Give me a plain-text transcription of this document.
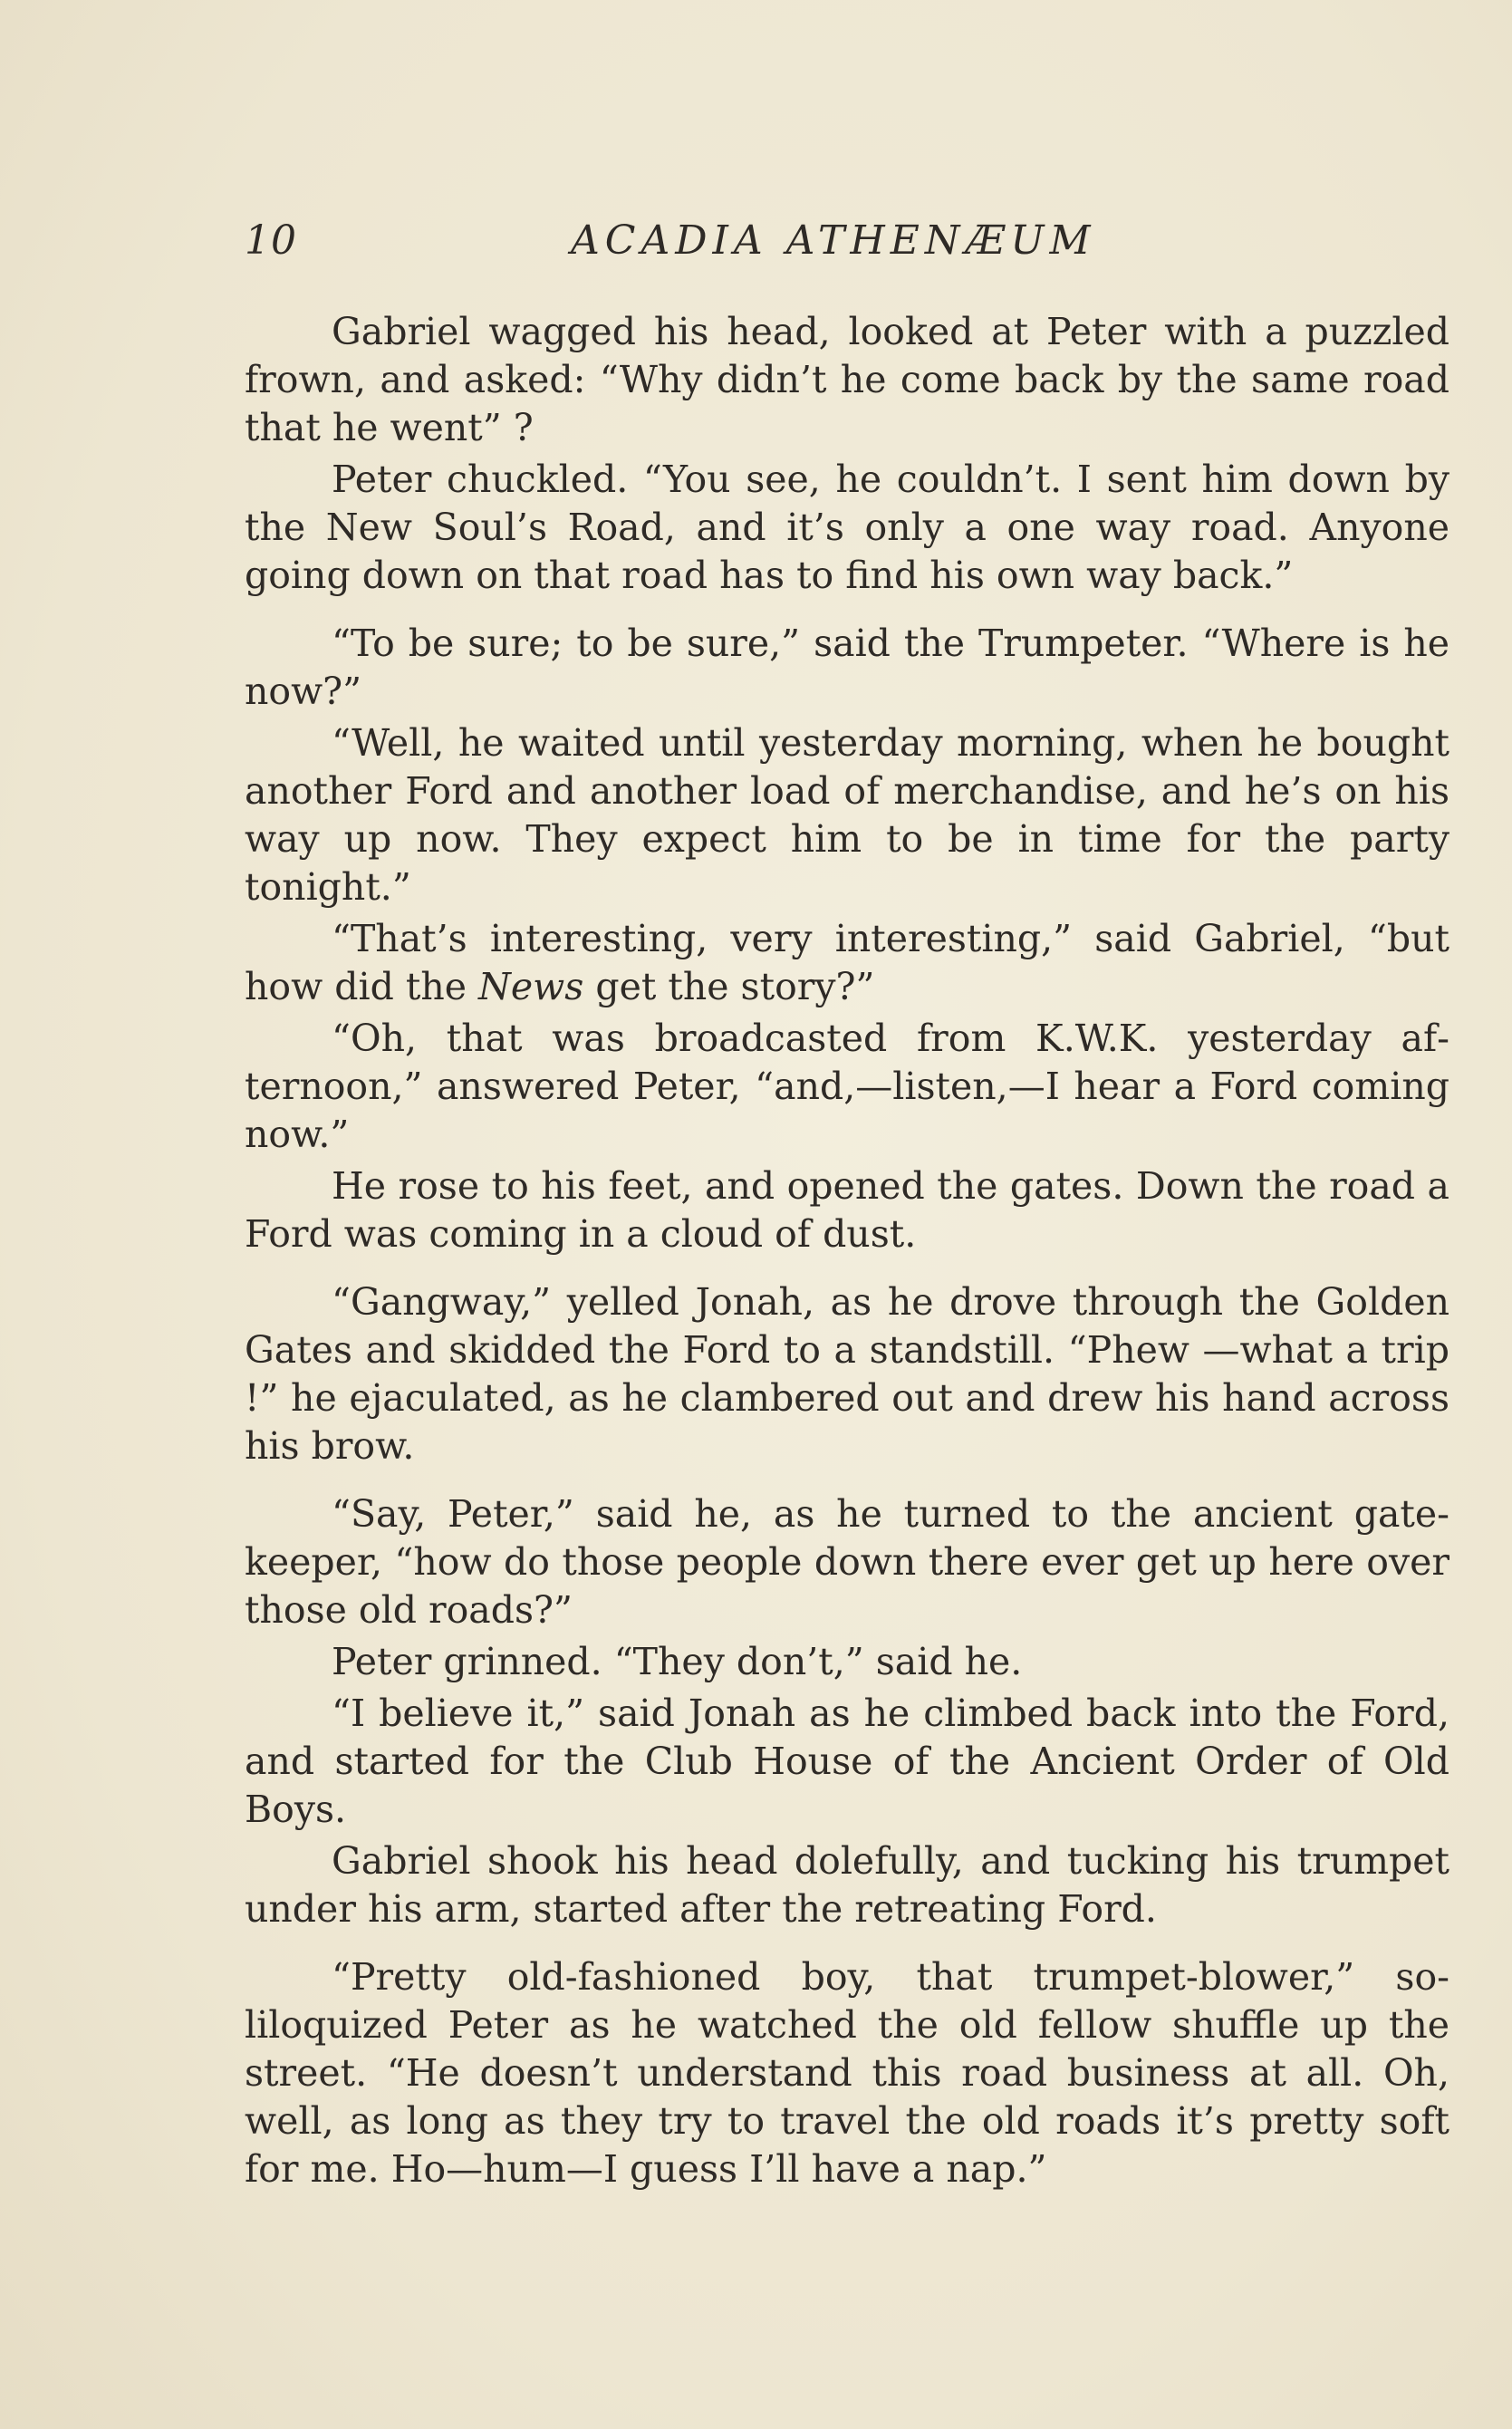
10	ACADIA ATHENÆUM

Gabriel wagged his head, looked at Peter with a puzzled frown, and asked: “Why didn’t he come back by the same road that he went” ?

Peter chuckled. “You see, he couldn’t. I sent him down by the New Soul’s Road, and it’s only a one way road. Anyone going down on that road has to find his own way back.”

“To be sure; to be sure,” said the Trumpeter. “Where is he now?”

“Well, he waited until yesterday morning, when he bought another Ford and another load of merchandise, and he’s on his way up now. They expect him to be in time for the party tonight.”

“That’s interesting, very interesting,” said Gabriel, “but how did the News get the story?”

“Oh, that was broadcasted from K.W.K. yesterday afternoon,” answered Peter, “and,—listen,—I hear a Ford coming now.”

He rose to his feet, and opened the gates. Down the road a Ford was coming in a cloud of dust.

“Gangway,” yelled Jonah, as he drove through the Golden Gates and skidded the Ford to a standstill. “Phew —what a trip !” he ejaculated, as he clambered out and drew his hand across his brow.

“Say, Peter,” said he, as he turned to the ancient gatekeeper, “how do those people down there ever get up here over those old roads?”

Peter grinned. “They don’t,” said he.

“I believe it,” said Jonah as he climbed back into the Ford, and started for the Club House of the Ancient Order of Old Boys.

Gabriel shook his head dolefully, and tucking his trumpet under his arm, started after the retreating Ford.

“Pretty old-fashioned boy, that trumpet-blower,” soliloquized Peter as he watched the old fellow shuffle up the street. “He doesn’t understand this road business at all. Oh, well, as long as they try to travel the old roads it’s pretty soft for me. Ho—hum—I guess I’ll have a nap.”
